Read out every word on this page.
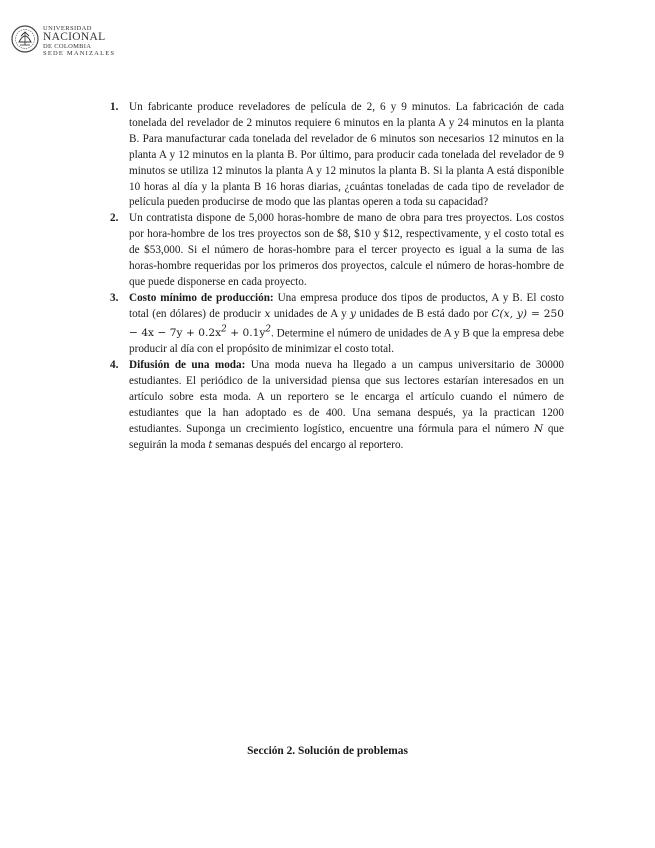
UNIVERSIDAD
NACIONAL
DE COLOMBIA
SEDE MANIZALES
1. Un fabricante produce reveladores de película de 2, 6 y 9 minutos. La fabricación de cada tonelada del revelador de 2 minutos requiere 6 minutos en la planta A y 24 minutos en la planta B. Para manufacturar cada tonelada del revelador de 6 minutos son necesarios 12 minutos en la planta A y 12 minutos en la planta B. Por último, para producir cada tonelada del revelador de 9 minutos se utiliza 12 minutos la planta A y 12 minutos la planta B. Si la planta A está disponible 10 horas al día y la planta B 16 horas diarias, ¿cuántas toneladas de cada tipo de revelador de película pueden producirse de modo que las plantas operen a toda su capacidad?
2. Un contratista dispone de 5,000 horas-hombre de mano de obra para tres proyectos. Los costos por hora-hombre de los tres proyectos son de $8, $10 y $12, respectivamente, y el costo total es de $53,000. Si el número de horas-hombre para el tercer proyecto es igual a la suma de las horas-hombre requeridas por los primeros dos proyectos, calcule el número de horas-hombre de que puede disponerse en cada proyecto.
3. Costo mínimo de producción: Una empresa produce dos tipos de productos, A y B. El costo total (en dólares) de producir x unidades de A y y unidades de B está dado por C(x, $y) = 250 - 4x - 7y + 0.2x^2 + 0.1y^2$. Determine el número de unidades de A y B que la empresa debe producir al día con el propósito de minimizar el costo total.
4. Difusión de una moda: Una moda nueva ha llegado a un campus universitario de 30000 estudiantes. El periódico de la universidad piensa que sus lectores estarían interesados en un artículo sobre esta moda. A un reportero se le encarga el artículo cuando el número de estudiantes que la han adoptado es de 400. Una semana después, ya la practican 1200 estudiantes. Suponga un crecimiento logístico, encuentre una fórmula para el número N que seguirán la moda t semanas después del encargo al reportero.
Sección 2. Solución de problemas
